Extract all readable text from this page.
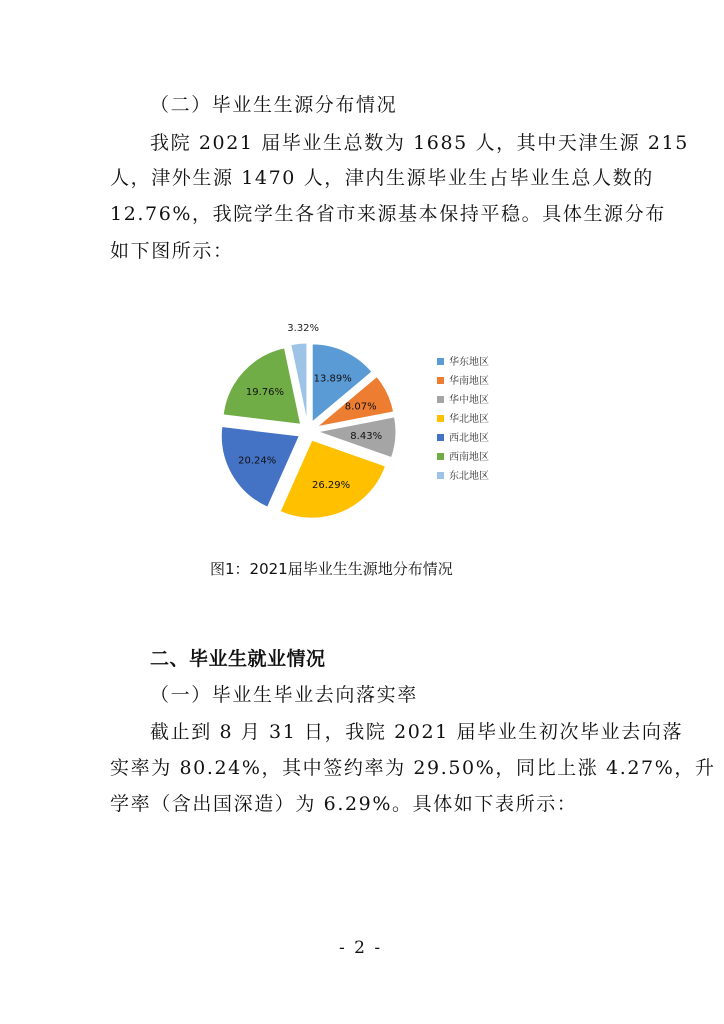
（二）毕业生生源分布情况
我院 2021 届毕业生总数为 1685 人，其中天津生源 215
人，津外生源 1470 人，津内生源毕业生占毕业生总人数的
12.76%，我院学生各省市来源基本保持平稳。具体生源分布
如下图所示：
13.89%
8.07%
8.43%
26.29%
20.24%
19.76%
3.32%
华东地区
华南地区
华中地区
华北地区
西北地区
西南地区
东北地区
图1：2021届毕业生生源地分布情况
二、毕业生就业情况
（一）毕业生毕业去向落实率
截止到 8 月 31 日，我院 2021 届毕业生初次毕业去向落
实率为 80.24%，其中签约率为 29.50%，同比上涨 4.27%，升
学率（含出国深造）为 6.29%。具体如下表所示：
- 2 -
